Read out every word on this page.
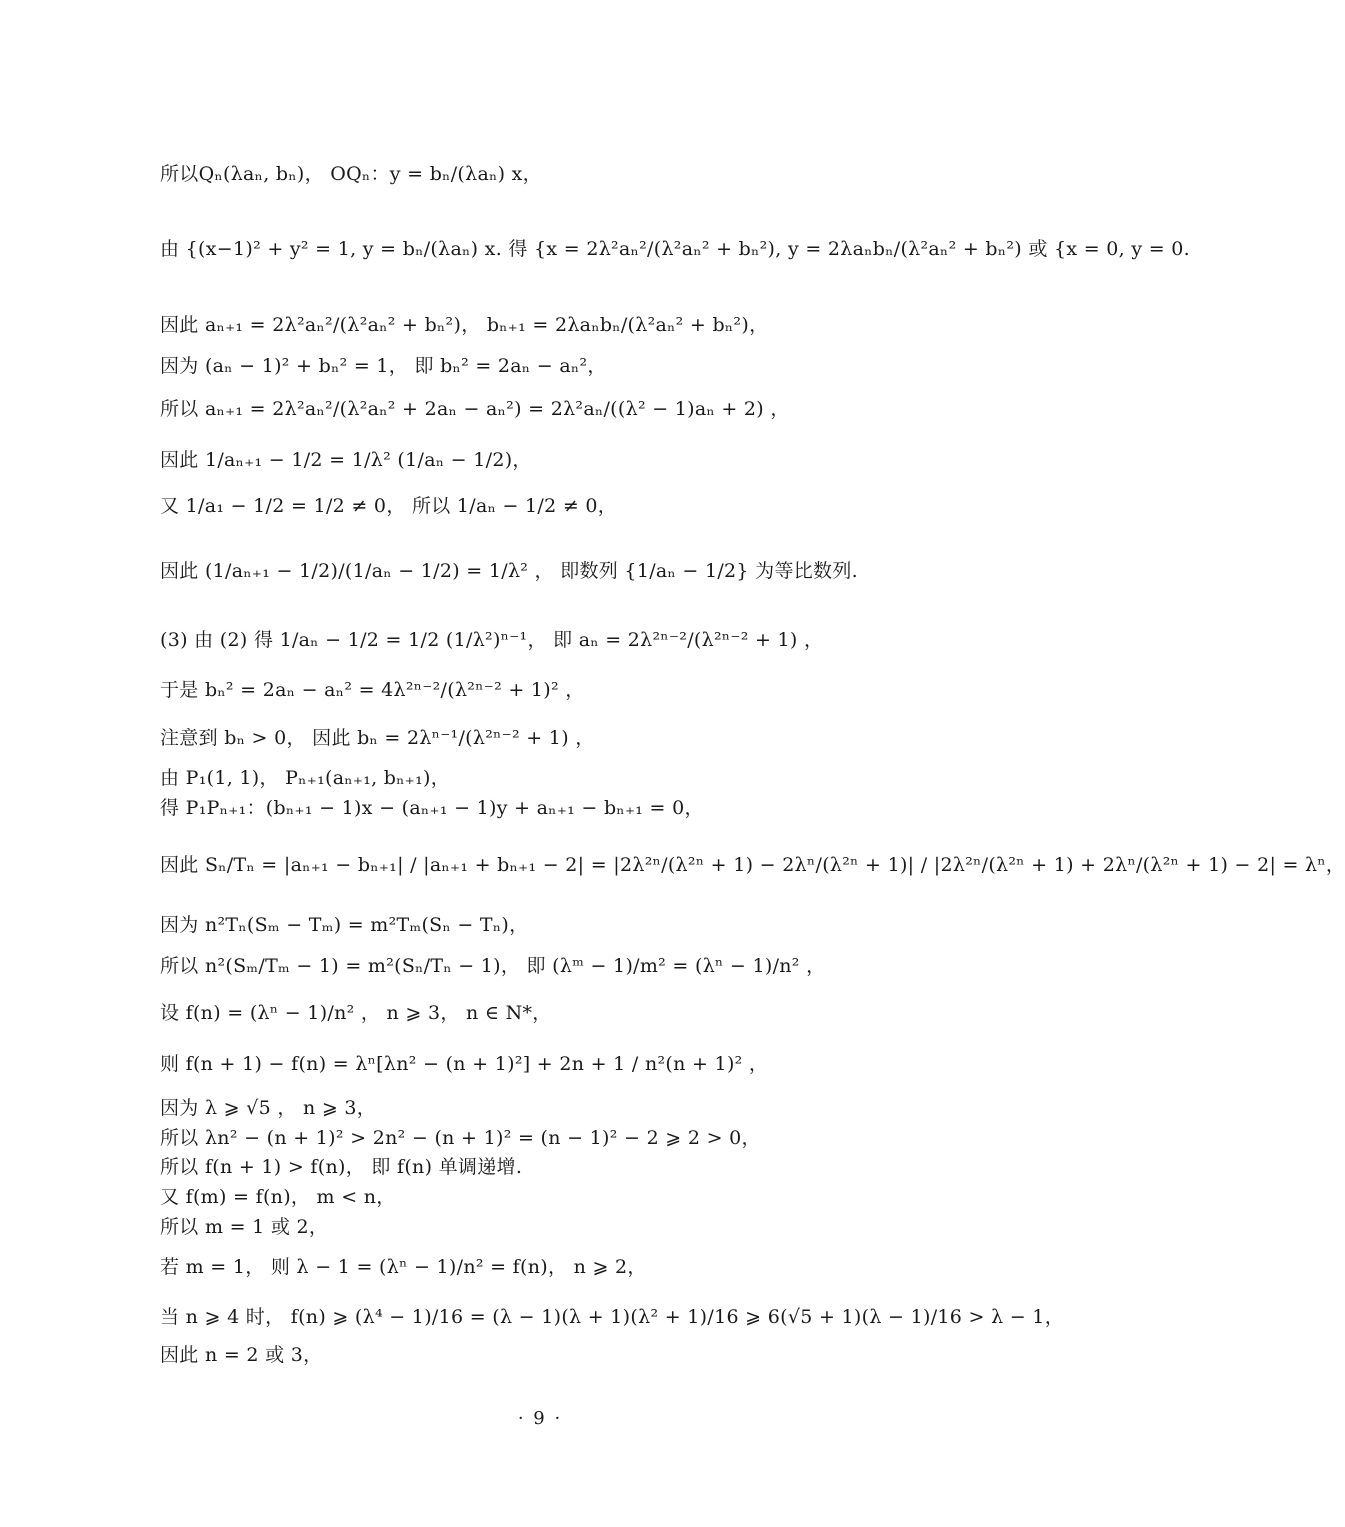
所以Qₙ(λaₙ, bₙ)， OQₙ：y = bₙ/(λaₙ) x，
由 {(x−1)² + y² = 1, y = bₙ/(λaₙ) x. 得 {x = 2λ²aₙ²/(λ²aₙ² + bₙ²), y = 2λaₙbₙ/(λ²aₙ² + bₙ²) 或 {x = 0, y = 0.
因此 aₙ₊₁ = 2λ²aₙ²/(λ²aₙ² + bₙ²)， bₙ₊₁ = 2λaₙbₙ/(λ²aₙ² + bₙ²)，
因为 (aₙ − 1)² + bₙ² = 1， 即 bₙ² = 2aₙ − aₙ²，
所以 aₙ₊₁ = 2λ²aₙ²/(λ²aₙ² + 2aₙ − aₙ²) = 2λ²aₙ/((λ² − 1)aₙ + 2) ，
因此 1/aₙ₊₁ − 1/2 = 1/λ² (1/aₙ − 1/2)，
又 1/a₁ − 1/2 = 1/2 ≠ 0， 所以 1/aₙ − 1/2 ≠ 0，
因此 (1/aₙ₊₁ − 1/2)/(1/aₙ − 1/2) = 1/λ² ， 即数列 {1/aₙ − 1/2} 为等比数列.
(3) 由 (2) 得 1/aₙ − 1/2 = 1/2 (1/λ²)ⁿ⁻¹， 即 aₙ = 2λ²ⁿ⁻²/(λ²ⁿ⁻² + 1) ，
于是 bₙ² = 2aₙ − aₙ² = 4λ²ⁿ⁻²/(λ²ⁿ⁻² + 1)² ，
注意到 bₙ > 0， 因此 bₙ = 2λⁿ⁻¹/(λ²ⁿ⁻² + 1) ，
由 P₁(1, 1)， Pₙ₊₁(aₙ₊₁, bₙ₊₁)，
得 P₁Pₙ₊₁：(bₙ₊₁ − 1)x − (aₙ₊₁ − 1)y + aₙ₊₁ − bₙ₊₁ = 0，
因此 Sₙ/Tₙ = |aₙ₊₁ − bₙ₊₁| / |aₙ₊₁ + bₙ₊₁ − 2| = |2λ²ⁿ/(λ²ⁿ + 1) − 2λⁿ/(λ²ⁿ + 1)| / |2λ²ⁿ/(λ²ⁿ + 1) + 2λⁿ/(λ²ⁿ + 1) − 2| = λⁿ，
因为 n²Tₙ(Sₘ − Tₘ) = m²Tₘ(Sₙ − Tₙ)，
所以 n²(Sₘ/Tₘ − 1) = m²(Sₙ/Tₙ − 1)， 即 (λᵐ − 1)/m² = (λⁿ − 1)/n² ，
设 f(n) = (λⁿ − 1)/n² ， n ⩾ 3， n ∈ N*，
则 f(n + 1) − f(n) = λⁿ[λn² − (n + 1)²] + 2n + 1 / n²(n + 1)² ，
因为 λ ⩾ √5 ， n ⩾ 3，
所以 λn² − (n + 1)² > 2n² − (n + 1)² = (n − 1)² − 2 ⩾ 2 > 0，
所以 f(n + 1) > f(n)， 即 f(n) 单调递增.
又 f(m) = f(n)， m < n，
所以 m = 1 或 2，
若 m = 1， 则 λ − 1 = (λⁿ − 1)/n² = f(n)， n ⩾ 2，
当 n ⩾ 4 时， f(n) ⩾ (λ⁴ − 1)/16 = (λ − 1)(λ + 1)(λ² + 1)/16 ⩾ 6(√5 + 1)(λ − 1)/16 > λ − 1，
因此 n = 2 或 3，
· 9 ·
